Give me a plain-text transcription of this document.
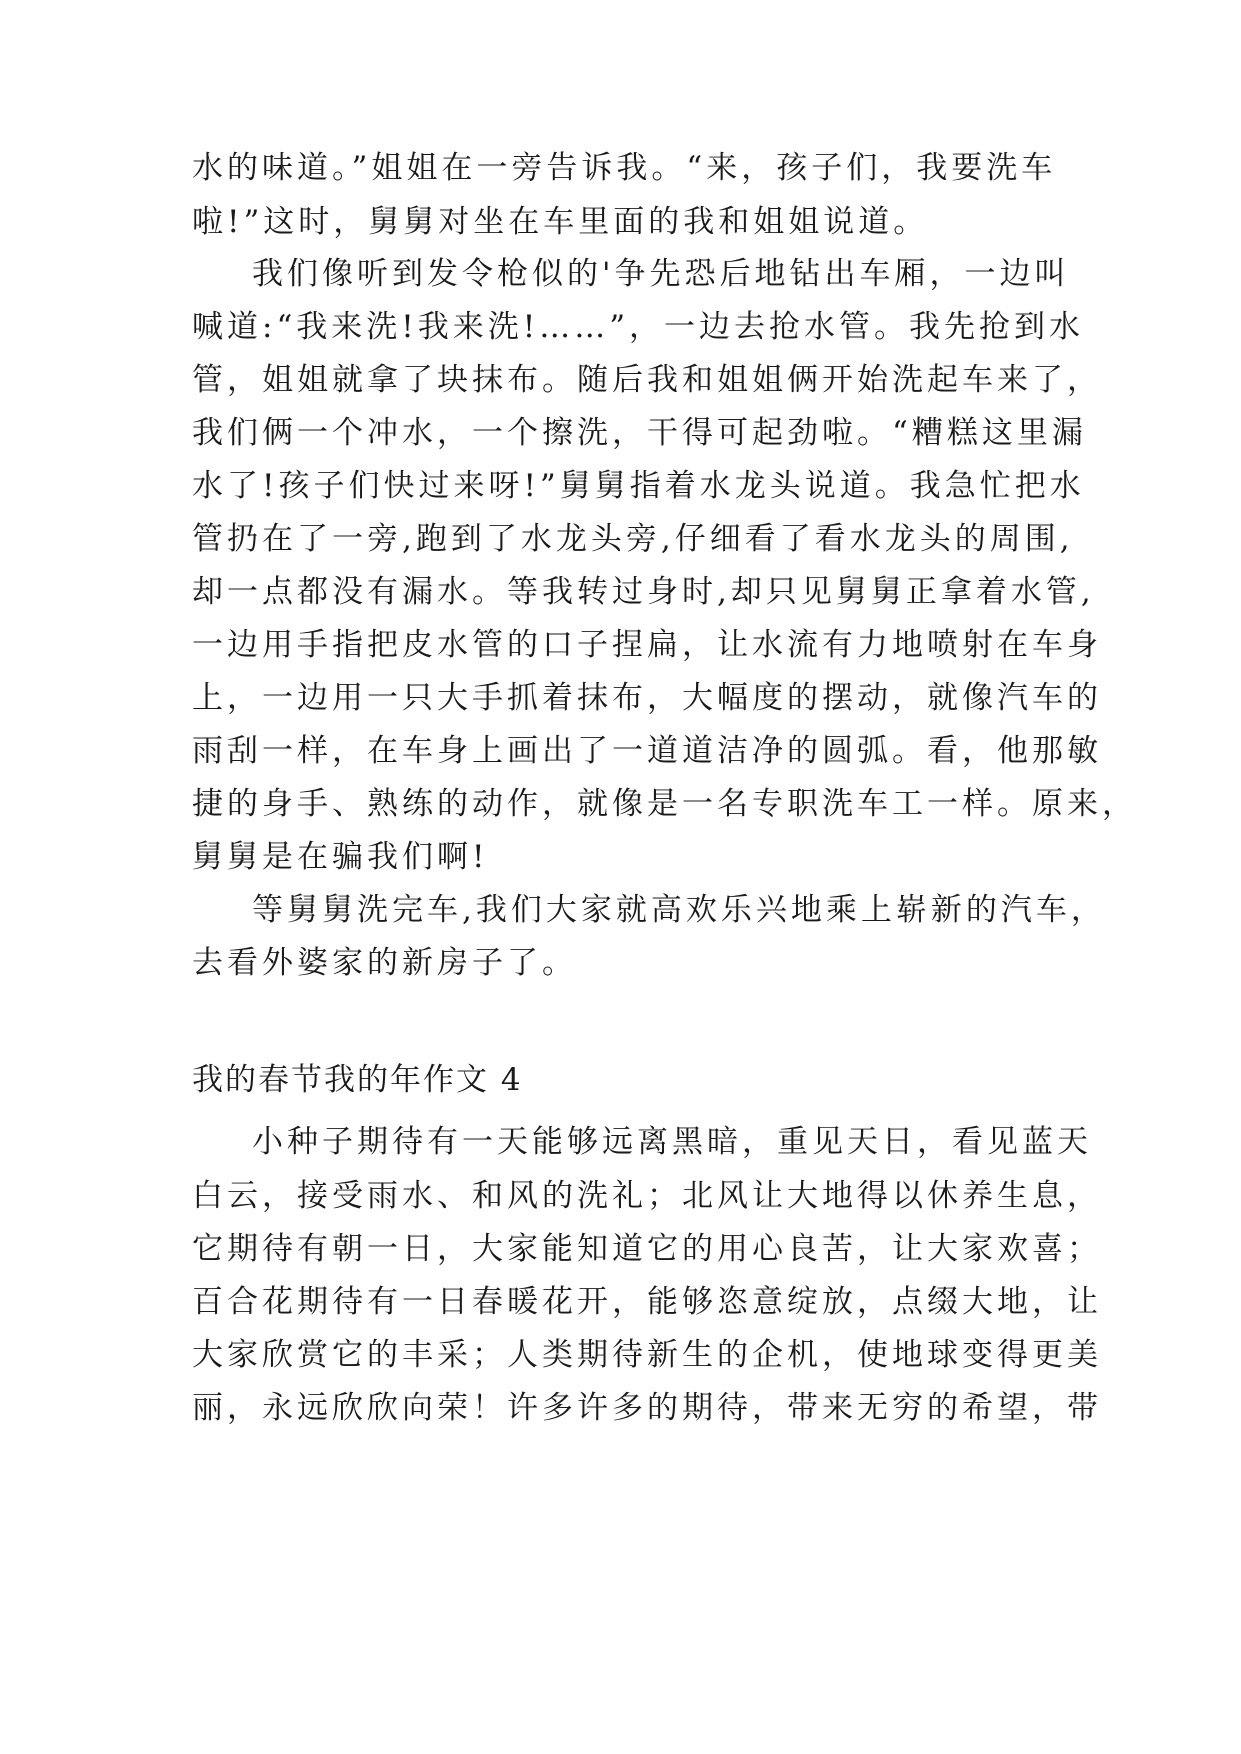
水的味道。”姐姐在一旁告诉我。“来，孩子们，我要洗车
啦!”这时，舅舅对坐在车里面的我和姐姐说道。
我们像听到发令枪似的'争先恐后地钻出车厢，一边叫
喊道:“我来洗!我来洗!……”，一边去抢水管。我先抢到水
管，姐姐就拿了块抹布。随后我和姐姐俩开始洗起车来了，
我们俩一个冲水，一个擦洗，干得可起劲啦。“糟糕这里漏
水了!孩子们快过来呀!”舅舅指着水龙头说道。我急忙把水
管扔在了一旁,跑到了水龙头旁,仔细看了看水龙头的周围,
却一点都没有漏水。等我转过身时,却只见舅舅正拿着水管,
一边用手指把皮水管的口子捏扁，让水流有力地喷射在车身
上，一边用一只大手抓着抹布，大幅度的摆动，就像汽车的
雨刮一样，在车身上画出了一道道洁净的圆弧。看，他那敏
捷的身手、熟练的动作，就像是一名专职洗车工一样。原来，
舅舅是在骗我们啊!
等舅舅洗完车,我们大家就高欢乐兴地乘上崭新的汽车，
去看外婆家的新房子了。
我的春节我的年作文 4
小种子期待有一天能够远离黑暗，重见天日，看见蓝天
白云，接受雨水、和风的洗礼；北风让大地得以休养生息，
它期待有朝一日，大家能知道它的用心良苦，让大家欢喜；
百合花期待有一日春暖花开，能够恣意绽放，点缀大地，让
大家欣赏它的丰采；人类期待新生的企机，使地球变得更美
丽，永远欣欣向荣！许多许多的期待，带来无穷的希望，带
